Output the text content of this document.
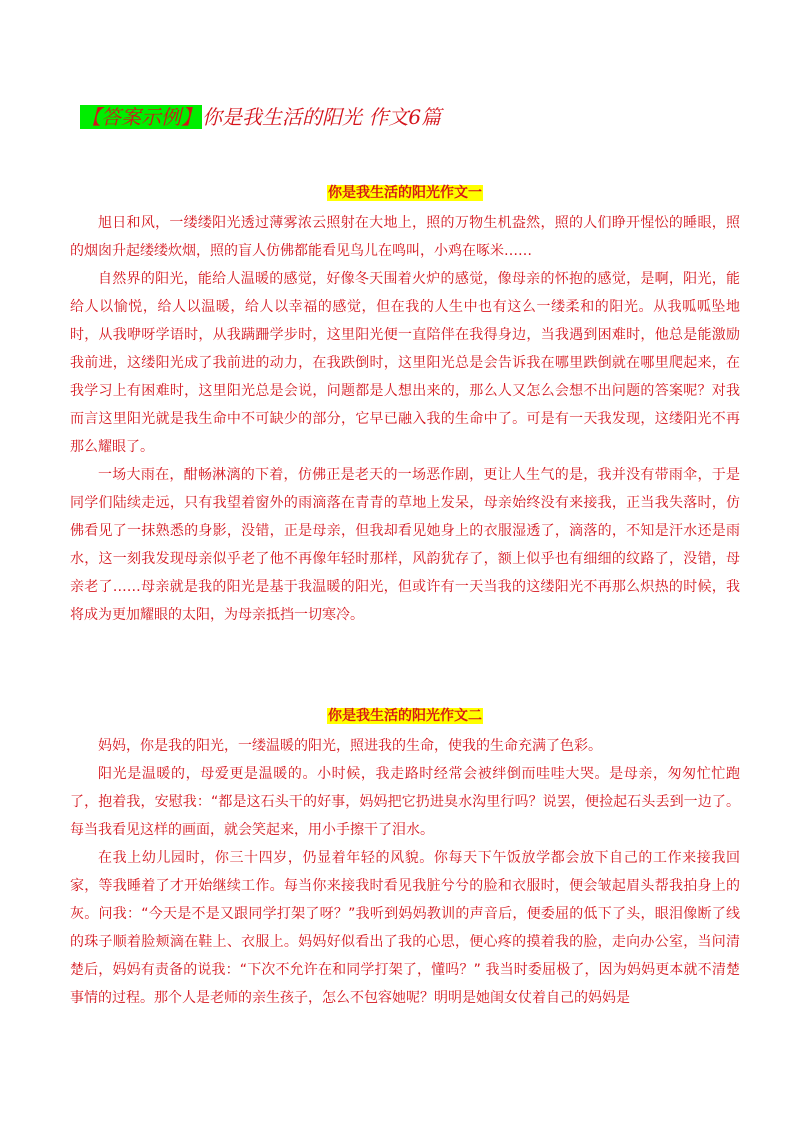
【答案示例】你是我生活的阳光 作文6篇
你是我生活的阳光作文一

旭日和风，一缕缕阳光透过薄雾浓云照射在大地上，照的万物生机盎然，照的人们睁开惺忪的睡眼，照的烟囱升起缕缕炊烟，照的盲人仿佛都能看见鸟儿在鸣叫，小鸡在啄米……

自然界的阳光，能给人温暖的感觉，好像冬天围着火炉的感觉，像母亲的怀抱的感觉，是啊，阳光，能给人以愉悦，给人以温暖，给人以幸福的感觉，但在我的人生中也有这么一缕柔和的阳光。从我呱呱坠地时，从我咿呀学语时，从我蹒跚学步时，这里阳光便一直陪伴在我得身边，当我遇到困难时，他总是能激励我前进，这缕阳光成了我前进的动力，在我跌倒时，这里阳光总是会告诉我在哪里跌倒就在哪里爬起来，在我学习上有困难时，这里阳光总是会说，问题都是人想出来的，那么人又怎么会想不出问题的答案呢？对我而言这里阳光就是我生命中不可缺少的部分，它早已融入我的生命中了。可是有一天我发现，这缕阳光不再那么耀眼了。

一场大雨在，酣畅淋漓的下着，仿佛正是老天的一场恶作剧，更让人生气的是，我并没有带雨伞，于是同学们陆续走远，只有我望着窗外的雨滴落在青青的草地上发呆，母亲始终没有来接我，正当我失落时，仿佛看见了一抹熟悉的身影，没错，正是母亲，但我却看见她身上的衣服湿透了，滴落的，不知是汗水还是雨水，这一刻我发现母亲似乎老了他不再像年轻时那样，风韵犹存了，额上似乎也有细细的纹路了，没错，母亲老了……母亲就是我的阳光是基于我温暖的阳光，但或许有一天当我的这缕阳光不再那么炽热的时候，我将成为更加耀眼的太阳，为母亲抵挡一切寒冷。

你是我生活的阳光作文二

妈妈，你是我的阳光，一缕温暖的阳光，照进我的生命，使我的生命充满了色彩。

阳光是温暖的，母爱更是温暖的。小时候，我走路时经常会被绊倒而哇哇大哭。是母亲，匆匆忙忙跑了，抱着我，安慰我：“都是这石头干的好事，妈妈把它扔进臭水沟里行吗？说罢，便捡起石头丢到一边了。每当我看见这样的画面，就会笑起来，用小手擦干了泪水。

在我上幼儿园时，你三十四岁，仍显着年轻的风貌。你每天下午饭放学都会放下自己的工作来接我回家，等我睡着了才开始继续工作。每当你来接我时看见我脏兮兮的脸和衣服时，便会皱起眉头帮我拍身上的灰。问我：“今天是不是又跟同学打架了呀？”我听到妈妈教训的声音后，便委屈的低下了头，眼泪像断了线的珠子顺着脸颊滴在鞋上、衣服上。妈妈好似看出了我的心思，便心疼的摸着我的脸，走向办公室，当问清楚后，妈妈有责备的说我：“下次不允许在和同学打架了，懂吗？” 我当时委屈极了，因为妈妈更本就不清楚事情的过程。那个人是老师的亲生孩子，怎么不包容她呢？明明是她闺女仗着自己的妈妈是
